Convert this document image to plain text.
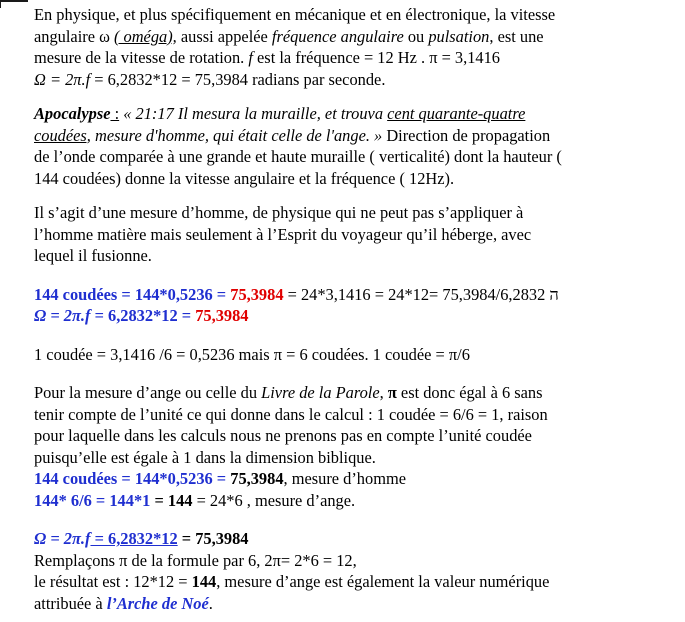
En physique, et plus spécifiquement en mécanique et en électronique, la vitesse

angulaire ω ( oméga), aussi appelée fréquence angulaire ou pulsation, est une

mesure de la vitesse de rotation. f est la fréquence = 12 Hz . π = 3,1416

Ω = 2π.f = 6,2832*12 = 75,3984 radians par seconde.

Apocalypse : « 21:17 Il mesura la muraille, et trouva cent quarante-quatre

coudées, mesure d'homme, qui était celle de l'ange. » Direction de propagation

de l’onde comparée à une grande et haute muraille ( verticalité) dont la hauteur (

144 coudées) donne la vitesse angulaire et la fréquence ( 12Hz).

Il s’agit d’une mesure d’homme, de physique qui ne peut pas s’appliquer à

l’homme matière mais seulement à l’Esprit du voyageur qu’il héberge, avec

lequel il fusionne.

144 coudées = 144*0,5236 = 75,3984 = 24*3,1416 = 24*12= 75,3984/6,2832 ה

Ω = 2π.f = 6,2832*12 = 75,3984

1 coudée = 3,1416 /6 = 0,5236 mais π = 6 coudées. 1 coudée = π/6

Pour la mesure d’ange ou celle du Livre de la Parole, π est donc égal à 6 sans

tenir compte de l’unité ce qui donne dans le calcul : 1 coudée = 6/6 = 1, raison

pour laquelle dans les calculs nous ne prenons pas en compte l’unité coudée

puisqu’elle est égale à 1 dans la dimension biblique.

144 coudées = 144*0,5236 = 75,3984, mesure d’homme

144* 6/6 = 144*1 = 144 = 24*6 , mesure d’ange.

Ω = 2π.f = 6,2832*12 = 75,3984

Remplaçons π de la formule par 6, 2π= 2*6 = 12,

le résultat est : 12*12 = 144, mesure d’ange est également la valeur numérique

attribuée à l’Arche de Noé.
